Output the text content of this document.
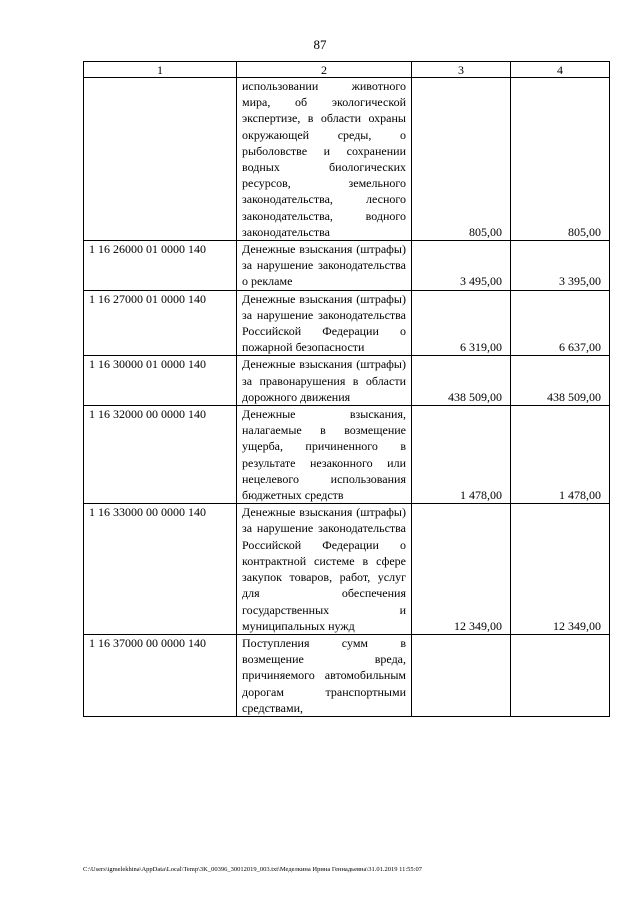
87
1	2	3	4
	использовании животного мира, об экологической экспертизе, в области охраны окружающей среды, о рыболовстве и сохранении водных биологических ресурсов, земельного законодательства, лесного законодательства, водного законодательства	805,00	805,00

1 16 26000 01 0000 140	Денежные взыскания (штрафы) за нарушение законодательства о рекламе	3 495,00	3 395,00

1 16 27000 01 0000 140	Денежные взыскания (штрафы) за нарушение законодательства Российской Федерации о пожарной безопасности	6 319,00	6 637,00

1 16 30000 01 0000 140	Денежные взыскания (штрафы) за правонарушения в области дорожного движения	438 509,00	438 509,00

1 16 32000 00 0000 140	Денежные взыскания, налагаемые в возмещение ущерба, причиненного в результате незаконного или нецелевого использования бюджетных средств	1 478,00	1 478,00

1 16 33000 00 0000 140	Денежные взыскания (штрафы) за нарушение законодательства Российской Федерации о контрактной системе в сфере закупок товаров, работ, услуг для обеспечения государственных и муниципальных нужд	12 349,00	12 349,00

1 16 37000 00 0000 140	Поступления сумм в возмещение вреда, причиняемого автомобильным дорогам транспортными средствами,	

C:\Users\igmelekhina\AppData\Local\Temp\3K_00396_30012019_003.txt\Меделкина Ирина Геннадьевна\31.01.2019 11:55:07
